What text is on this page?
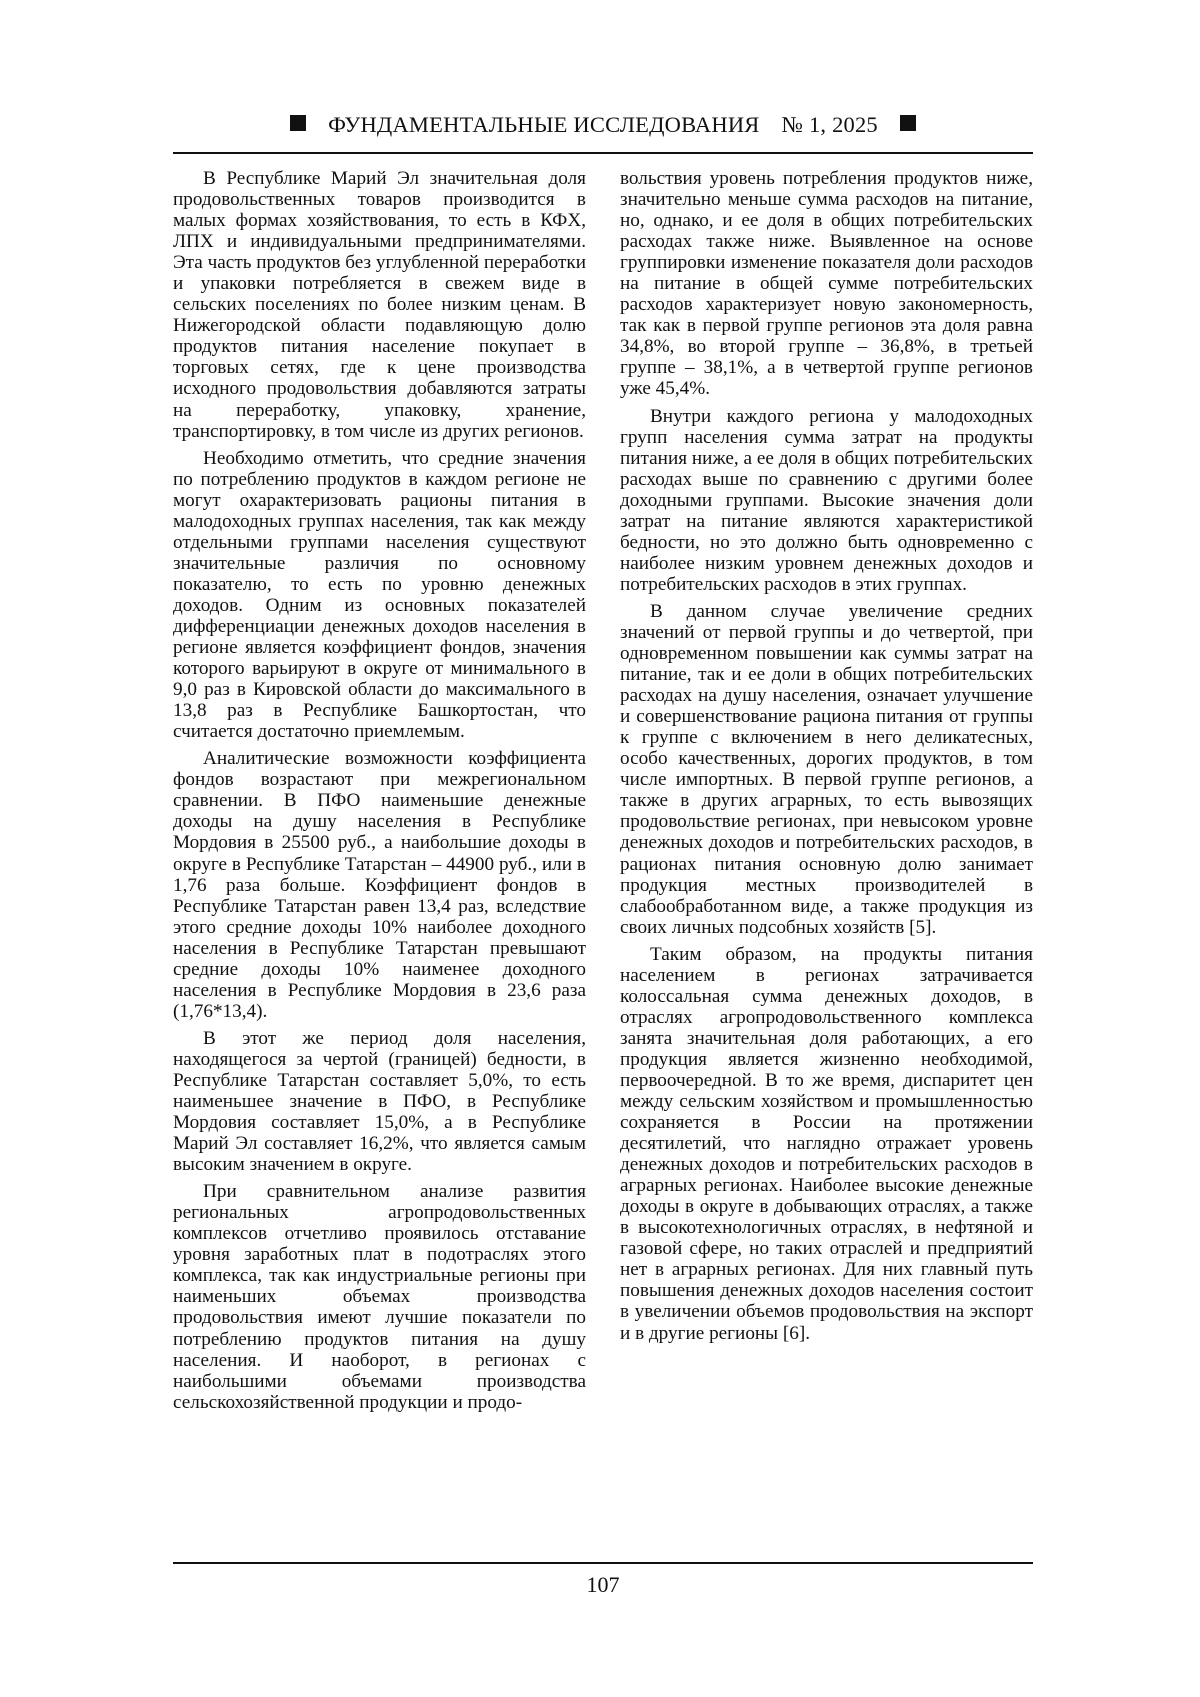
ФУНДАМЕНТАЛЬНЫЕ ИССЛЕДОВАНИЯ № 1, 2025

В Республике Марий Эл значительная доля продовольственных товаров производится в малых формах хозяйствования, то есть в КФХ, ЛПХ и индивидуальными предпринимателями. Эта часть продуктов без углубленной переработки и упаковки потребляется в свежем виде в сельских поселениях по более низким ценам. В Нижегородской области подавляющую долю продуктов питания население покупает в торговых сетях, где к цене производства исходного продовольствия добавляются затраты на переработку, упаковку, хранение, транспортировку, в том числе из других регионов.

Необходимо отметить, что средние значения по потреблению продуктов в каждом регионе не могут охарактеризовать рационы питания в малодоходных группах населения, так как между отдельными группами населения существуют значительные различия по основному показателю, то есть по уровню денежных доходов. Одним из основных показателей дифференциации денежных доходов населения в регионе является коэффициент фондов, значения которого варьируют в округе от минимального в 9,0 раз в Кировской области до максимального в 13,8 раз в Республике Башкортостан, что считается достаточно приемлемым.

Аналитические возможности коэффициента фондов возрастают при межрегиональном сравнении. В ПФО наименьшие денежные доходы на душу населения в Республике Мордовия в 25500 руб., а наибольшие доходы в округе в Республике Татарстан – 44900 руб., или в 1,76 раза больше. Коэффициент фондов в Республике Татарстан равен 13,4 раз, вследствие этого средние доходы 10% наиболее доходного населения в Республике Татарстан превышают средние доходы 10% наименее доходного населения в Республике Мордовия в 23,6 раза (1,76*13,4).

В этот же период доля населения, находящегося за чертой (границей) бедности, в Республике Татарстан составляет 5,0%, то есть наименьшее значение в ПФО, в Республике Мордовия составляет 15,0%, а в Республике Марий Эл составляет 16,2%, что является самым высоким значением в округе.

При сравнительном анализе развития региональных агропродовольственных комплексов отчетливо проявилось отставание уровня заработных плат в подотраслях этого комплекса, так как индустриальные регионы при наименьших объемах производства продовольствия имеют лучшие показатели по потреблению продуктов питания на душу населения. И наоборот, в регионах с наибольшими объемами производства сельскохозяйственной продукции и продо-

вольствия уровень потребления продуктов ниже, значительно меньше сумма расходов на питание, но, однако, и ее доля в общих потребительских расходах также ниже. Выявленное на основе группировки изменение показателя доли расходов на питание в общей сумме потребительских расходов характеризует новую закономерность, так как в первой группе регионов эта доля равна 34,8%, во второй группе – 36,8%, в третьей группе – 38,1%, а в четвертой группе регионов уже 45,4%.

Внутри каждого региона у малодоходных групп населения сумма затрат на продукты питания ниже, а ее доля в общих потребительских расходах выше по сравнению с другими более доходными группами. Высокие значения доли затрат на питание являются характеристикой бедности, но это должно быть одновременно с наиболее низким уровнем денежных доходов и потребительских расходов в этих группах.

В данном случае увеличение средних значений от первой группы и до четвертой, при одновременном повышении как суммы затрат на питание, так и ее доли в общих потребительских расходах на душу населения, означает улучшение и совершенствование рациона питания от группы к группе с включением в него деликатесных, особо качественных, дорогих продуктов, в том числе импортных. В первой группе регионов, а также в других аграрных, то есть вывозящих продовольствие регионах, при невысоком уровне денежных доходов и потребительских расходов, в рационах питания основную долю занимает продукция местных производителей в слабообработанном виде, а также продукция из своих личных подсобных хозяйств [5].

Таким образом, на продукты питания населением в регионах затрачивается колоссальная сумма денежных доходов, в отраслях агропродовольственного комплекса занята значительная доля работающих, а его продукция является жизненно необходимой, первоочередной. В то же время, диспаритет цен между сельским хозяйством и промышленностью сохраняется в России на протяжении десятилетий, что наглядно отражает уровень денежных доходов и потребительских расходов в аграрных регионах. Наиболее высокие денежные доходы в округе в добывающих отраслях, а также в высокотехнологичных отраслях, в нефтяной и газовой сфере, но таких отраслей и предприятий нет в аграрных регионах. Для них главный путь повышения денежных доходов населения состоит в увеличении объемов продовольствия на экспорт и в другие регионы [6].

107
